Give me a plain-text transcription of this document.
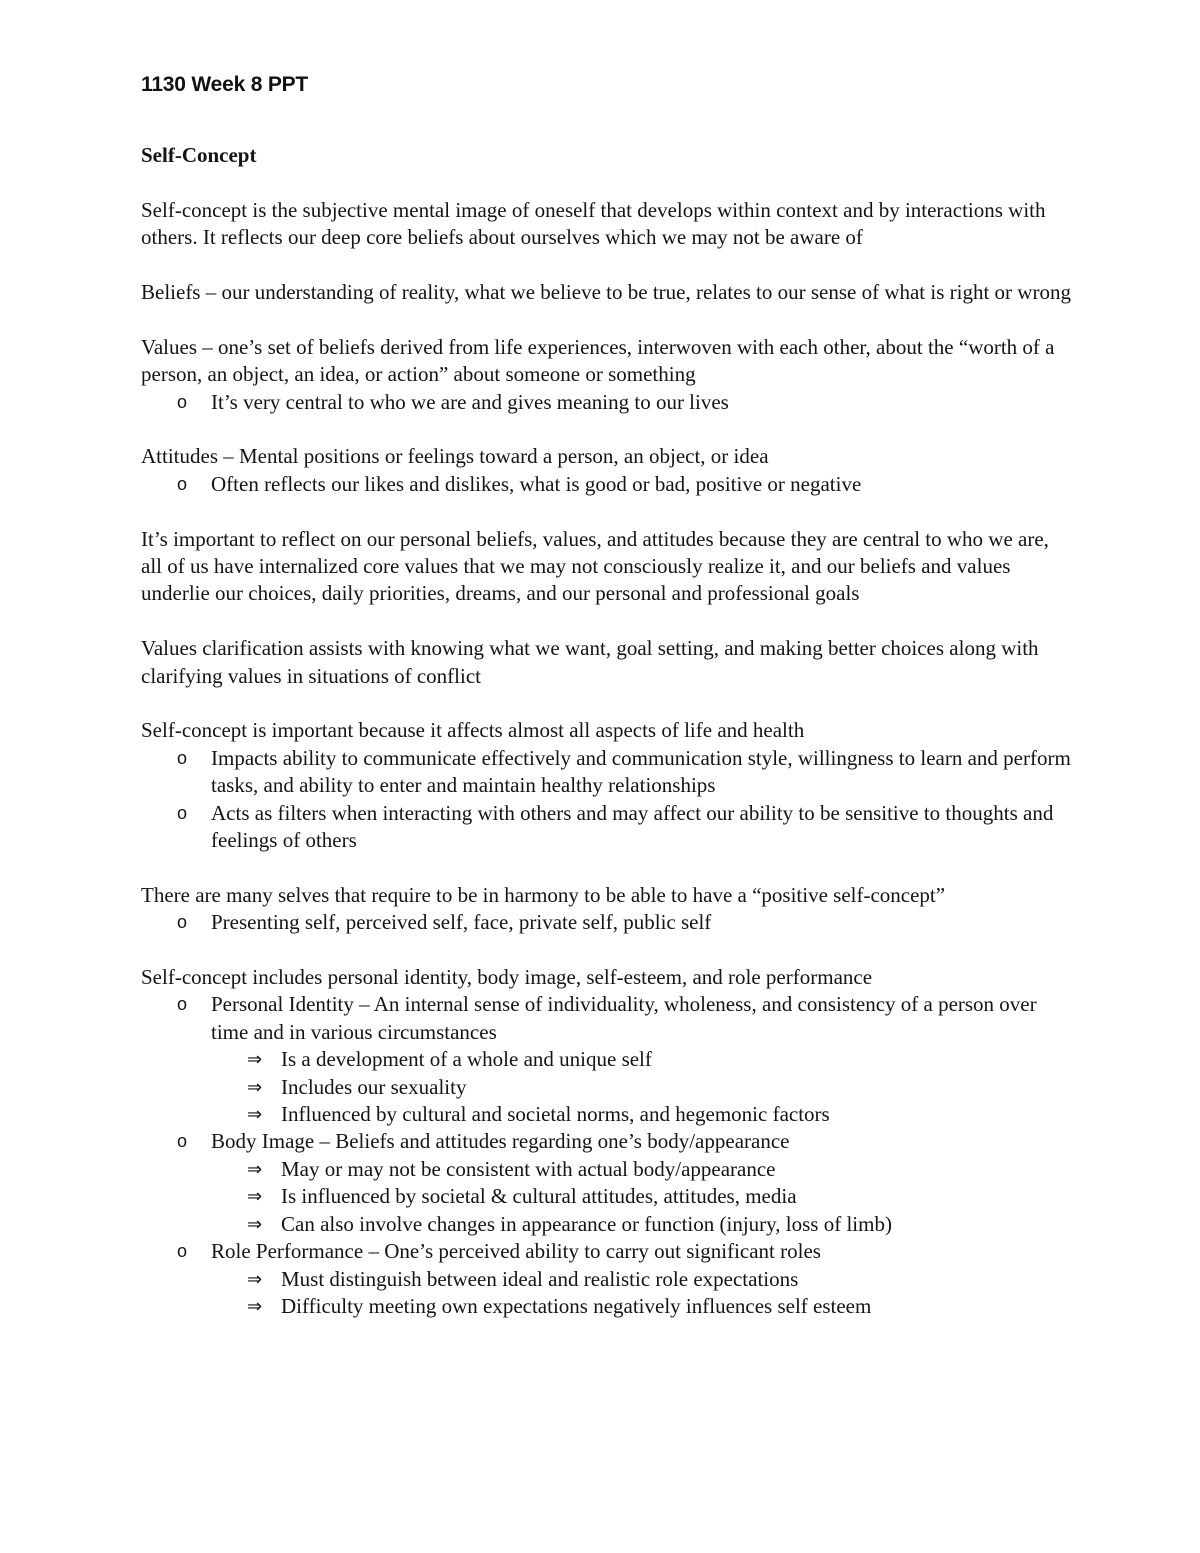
1130 Week 8 PPT

Self-Concept

Self-concept is the subjective mental image of oneself that develops within context and by interactions with others. It reflects our deep core beliefs about ourselves which we may not be aware of

Beliefs – our understanding of reality, what we believe to be true, relates to our sense of what is right or wrong

Values – one’s set of beliefs derived from life experiences, interwoven with each other, about the “worth of a person, an object, an idea, or action” about someone or something

o It’s very central to who we are and gives meaning to our lives

Attitudes – Mental positions or feelings toward a person, an object, or idea

o Often reflects our likes and dislikes, what is good or bad, positive or negative

It’s important to reflect on our personal beliefs, values, and attitudes because they are central to who we are, all of us have internalized core values that we may not consciously realize it, and our beliefs and values underlie our choices, daily priorities, dreams, and our personal and professional goals

Values clarification assists with knowing what we want, goal setting, and making better choices along with clarifying values in situations of conflict

Self-concept is important because it affects almost all aspects of life and health

o Impacts ability to communicate effectively and communication style, willingness to learn and perform tasks, and ability to enter and maintain healthy relationships
o Acts as filters when interacting with others and may affect our ability to be sensitive to thoughts and feelings of others

There are many selves that require to be in harmony to be able to have a “positive self-concept”

o Presenting self, perceived self, face, private self, public self

Self-concept includes personal identity, body image, self-esteem, and role performance

o Personal Identity – An internal sense of individuality, wholeness, and consistency of a person over time and in various circumstances
⇒ Is a development of a whole and unique self
⇒ Includes our sexuality
⇒ Influenced by cultural and societal norms, and hegemonic factors
o Body Image – Beliefs and attitudes regarding one’s body/appearance
⇒ May or may not be consistent with actual body/appearance
⇒ Is influenced by societal & cultural attitudes, attitudes, media
⇒ Can also involve changes in appearance or function (injury, loss of limb)
o Role Performance – One’s perceived ability to carry out significant roles
⇒ Must distinguish between ideal and realistic role expectations
⇒ Difficulty meeting own expectations negatively influences self esteem
